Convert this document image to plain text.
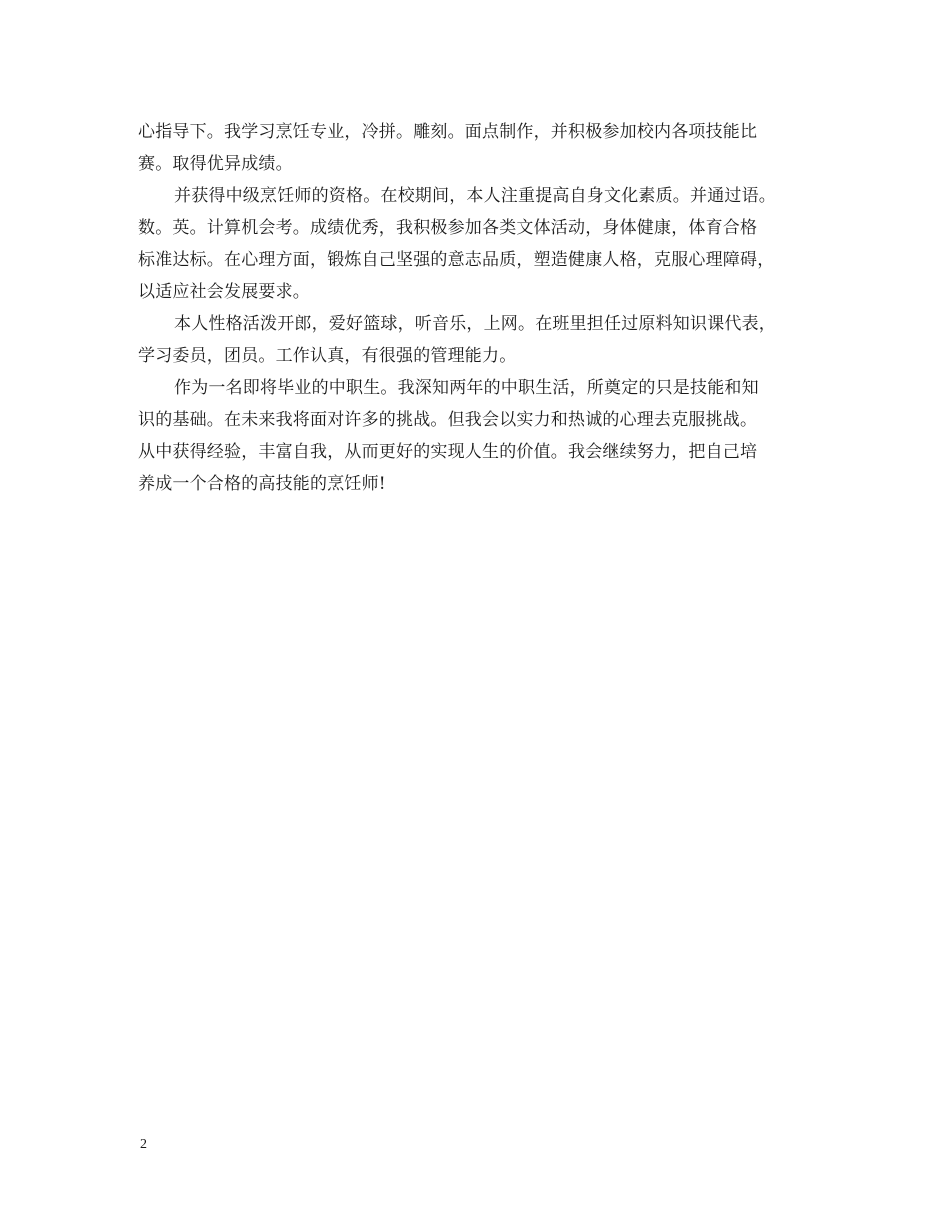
心指导下。我学习烹饪专业，冷拼。雕刻。面点制作，并积极参加校内各项技能比
赛。取得优异成绩。
并获得中级烹饪师的资格。在校期间，本人注重提高自身文化素质。并通过语。
数。英。计算机会考。成绩优秀，我积极参加各类文体活动，身体健康，体育合格
标准达标。在心理方面，锻炼自己坚强的意志品质，塑造健康人格，克服心理障碍，
以适应社会发展要求。
本人性格活泼开郎，爱好篮球，听音乐，上网。在班里担任过原料知识课代表，
学习委员，团员。工作认真，有很强的管理能力。
作为一名即将毕业的中职生。我深知两年的中职生活，所奠定的只是技能和知
识的基础。在未来我将面对许多的挑战。但我会以实力和热诚的心理去克服挑战。
从中获得经验，丰富自我，从而更好的实现人生的价值。我会继续努力，把自己培
养成一个合格的高技能的烹饪师!
2
